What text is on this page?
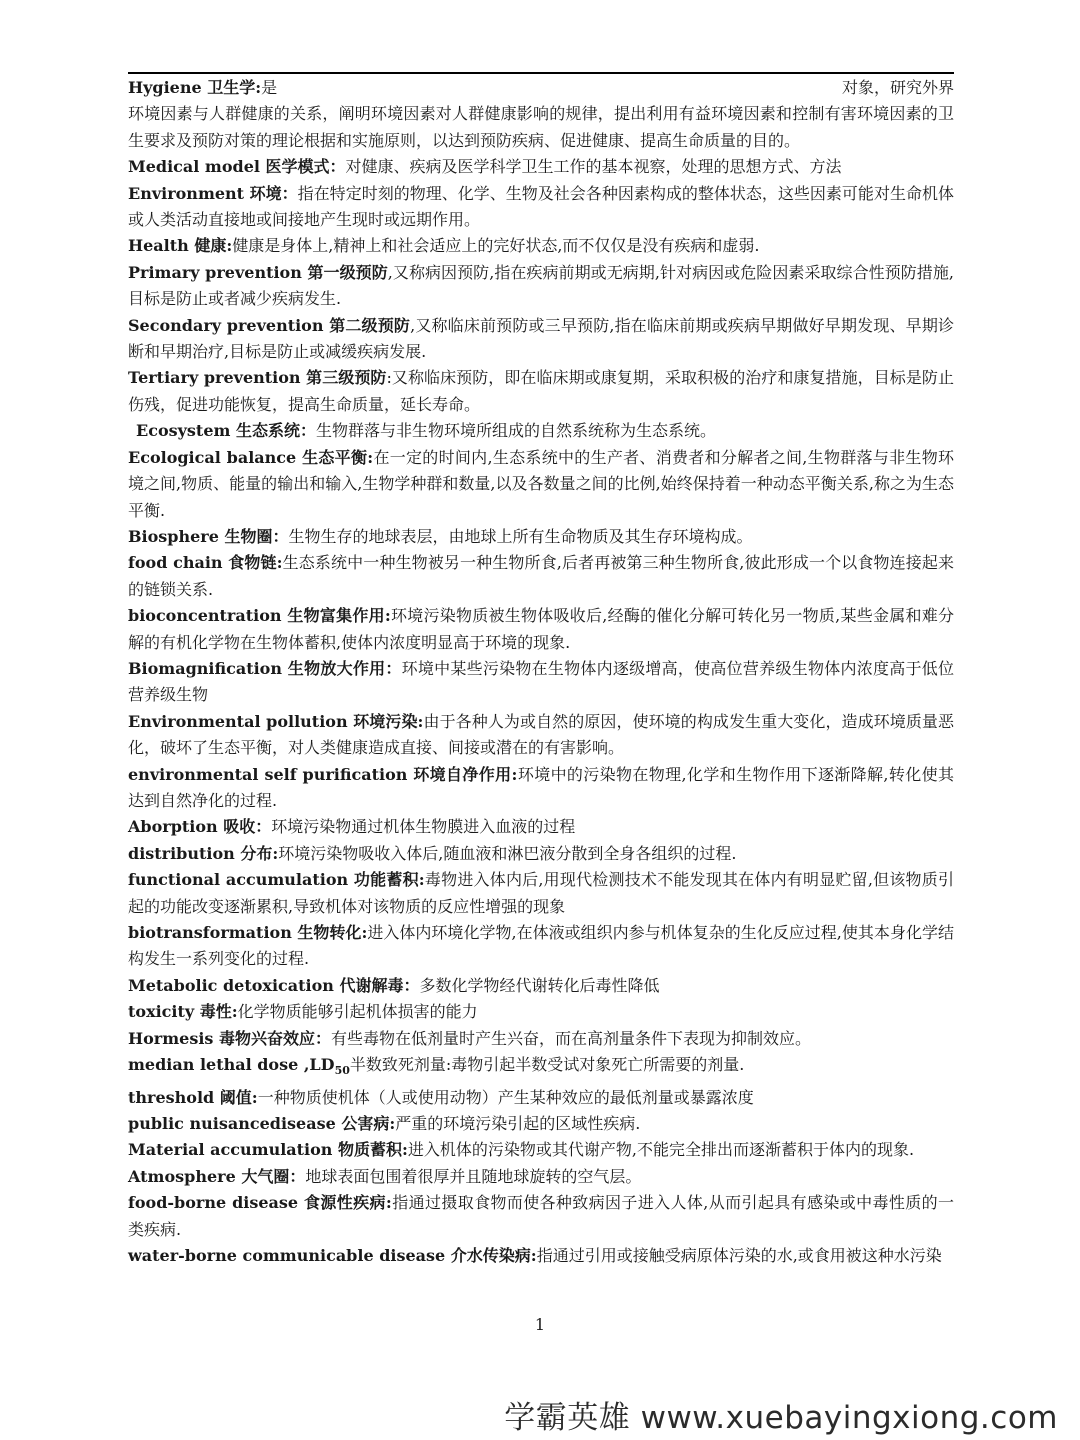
Hygiene 卫生学:是	对象，研究外界
环境因素与人群健康的关系，阐明环境因素对人群健康影响的规律，提出利用有益环境因素和控制有害环境因素的卫生要求及预防对策的理论根据和实施原则，以达到预防疾病、促进健康、提高生命质量的目的。

Medical model 医学模式：对健康、疾病及医学科学卫生工作的基本视察，处理的思想方式、方法

Environment 环境：指在特定时刻的物理、化学、生物及社会各种因素构成的整体状态，这些因素可能对生命机体或人类活动直接地或间接地产生现时或远期作用。

Health 健康:健康是身体上,精神上和社会适应上的完好状态,而不仅仅是没有疾病和虚弱.

Primary prevention 第一级预防,又称病因预防,指在疾病前期或无病期,针对病因或危险因素采取综合性预防措施,目标是防止或者减少疾病发生.

Secondary prevention 第二级预防,又称临床前预防或三早预防,指在临床前期或疾病早期做好早期发现、早期诊断和早期治疗,目标是防止或减缓疾病发展.

Tertiary prevention 第三级预防:又称临床预防，即在临床期或康复期，采取积极的治疗和康复措施，目标是防止伤残，促进功能恢复，提高生命质量，延长寿命。

Ecosystem 生态系统：生物群落与非生物环境所组成的自然系统称为生态系统。

Ecological balance 生态平衡:在一定的时间内,生态系统中的生产者、消费者和分解者之间,生物群落与非生物环境之间,物质、能量的输出和输入,生物学种群和数量,以及各数量之间的比例,始终保持着一种动态平衡关系,称之为生态平衡.

Biosphere 生物圈：生物生存的地球表层，由地球上所有生命物质及其生存环境构成。

food chain 食物链:生态系统中一种生物被另一种生物所食,后者再被第三种生物所食,彼此形成一个以食物连接起来的链锁关系.

bioconcentration 生物富集作用:环境污染物质被生物体吸收后,经酶的催化分解可转化另一物质,某些金属和难分解的有机化学物在生物体蓄积,使体内浓度明显高于环境的现象.

Biomagnification 生物放大作用：环境中某些污染物在生物体内逐级增高，使高位营养级生物体内浓度高于低位营养级生物

Environmental pollution 环境污染:由于各种人为或自然的原因，使环境的构成发生重大变化，造成环境质量恶化，破坏了生态平衡，对人类健康造成直接、间接或潜在的有害影响。

environmental self purification 环境自净作用:环境中的污染物在物理,化学和生物作用下逐渐降解,转化使其达到自然净化的过程.

Aborption 吸收：环境污染物通过机体生物膜进入血液的过程

distribution 分布:环境污染物吸收入体后,随血液和淋巴液分散到全身各组织的过程.

functional accumulation 功能蓄积:毒物进入体内后,用现代检测技术不能发现其在体内有明显贮留,但该物质引起的功能改变逐渐累积,导致机体对该物质的反应性增强的现象

biotransformation 生物转化:进入体内环境化学物,在体液或组织内参与机体复杂的生化反应过程,使其本身化学结构发生一系列变化的过程.

Metabolic detoxication 代谢解毒：多数化学物经代谢转化后毒性降低

toxicity 毒性:化学物质能够引起机体损害的能力

Hormesis 毒物兴奋效应：有些毒物在低剂量时产生兴奋，而在高剂量条件下表现为抑制效应。

median lethal dose $,LD_{50}$半数致死剂量:毒物引起半数受试对象死亡所需要的剂量.

threshold 阈值:一种物质使机体（人或使用动物）产生某种效应的最低剂量或暴露浓度

public nuisancedisease 公害病:严重的环境污染引起的区域性疾病.

Material accumulation 物质蓄积:进入机体的污染物或其代谢产物,不能完全排出而逐渐蓄积于体内的现象.

Atmosphere 大气圈：地球表面包围着很厚并且随地球旋转的空气层。

food-borne disease 食源性疾病:指通过摄取食物而使各种致病因子进入人体,从而引起具有感染或中毒性质的一类疾病.

water-borne communicable disease 介水传染病:指通过引用或接触受病原体污染的水,或食用被这种水污染

1
学霸英雄 www.xuebayingxiong.com
